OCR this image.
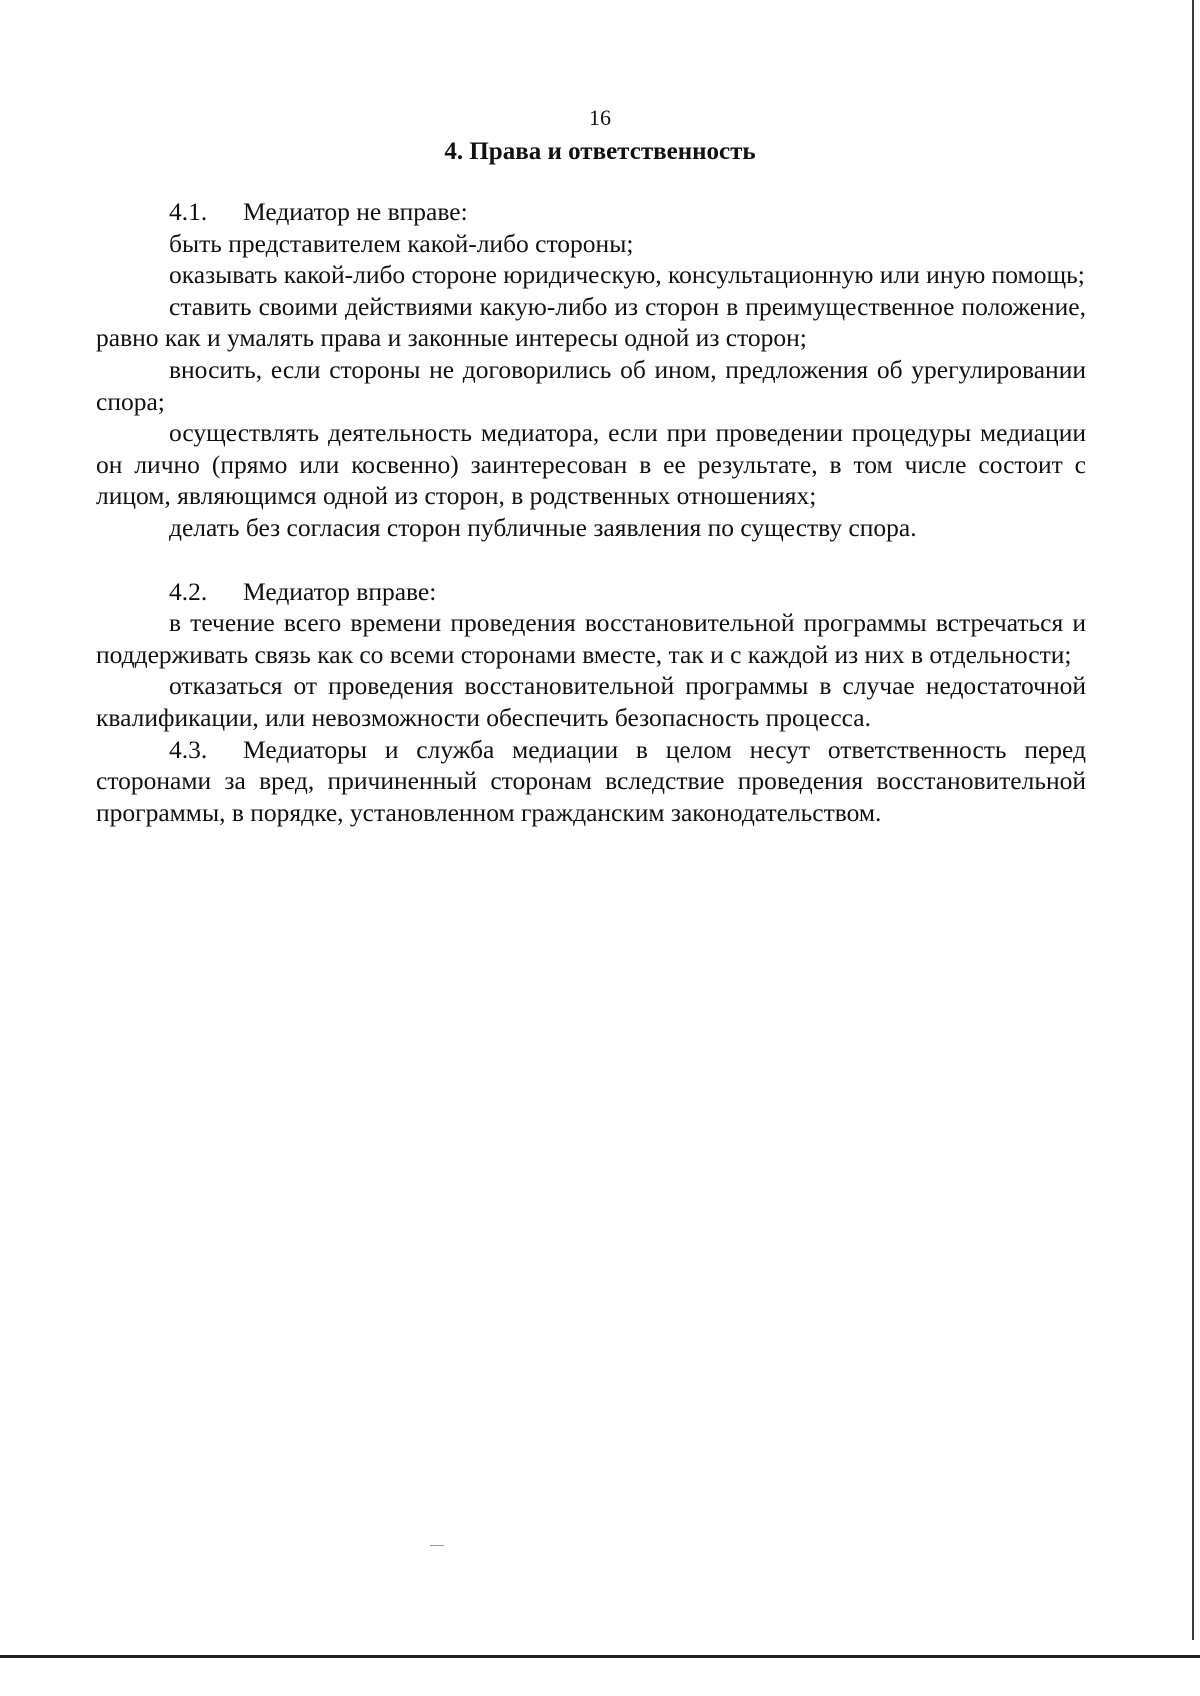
16
4. Права и ответственность

4.1. Медиатор не вправе:

быть представителем какой-либо стороны;

оказывать какой-либо стороне юридическую, консультационную или иную помощь;

ставить своими действиями какую-либо из сторон в преимущественное положение, равно как и умалять права и законные интересы одной из сторон;

вносить, если стороны не договорились об ином, предложения об урегулировании спора;

осуществлять деятельность медиатора, если при проведении процедуры медиации он лично (прямо или косвенно) заинтересован в ее результате, в том числе состоит с лицом, являющимся одной из сторон, в родственных отношениях;

делать без согласия сторон публичные заявления по существу спора.

4.2. Медиатор вправе:

в течение всего времени проведения восстановительной программы встречаться и поддерживать связь как со всеми сторонами вместе, так и с каждой из них в отдельности;

отказаться от проведения восстановительной программы в случае недостаточной квалификации, или невозможности обеспечить безопасность процесса.

4.3. Медиаторы и служба медиации в целом несут ответственность перед сторонами за вред, причиненный сторонам вследствие проведения восстановительной программы, в порядке, установленном гражданским законодательством.
